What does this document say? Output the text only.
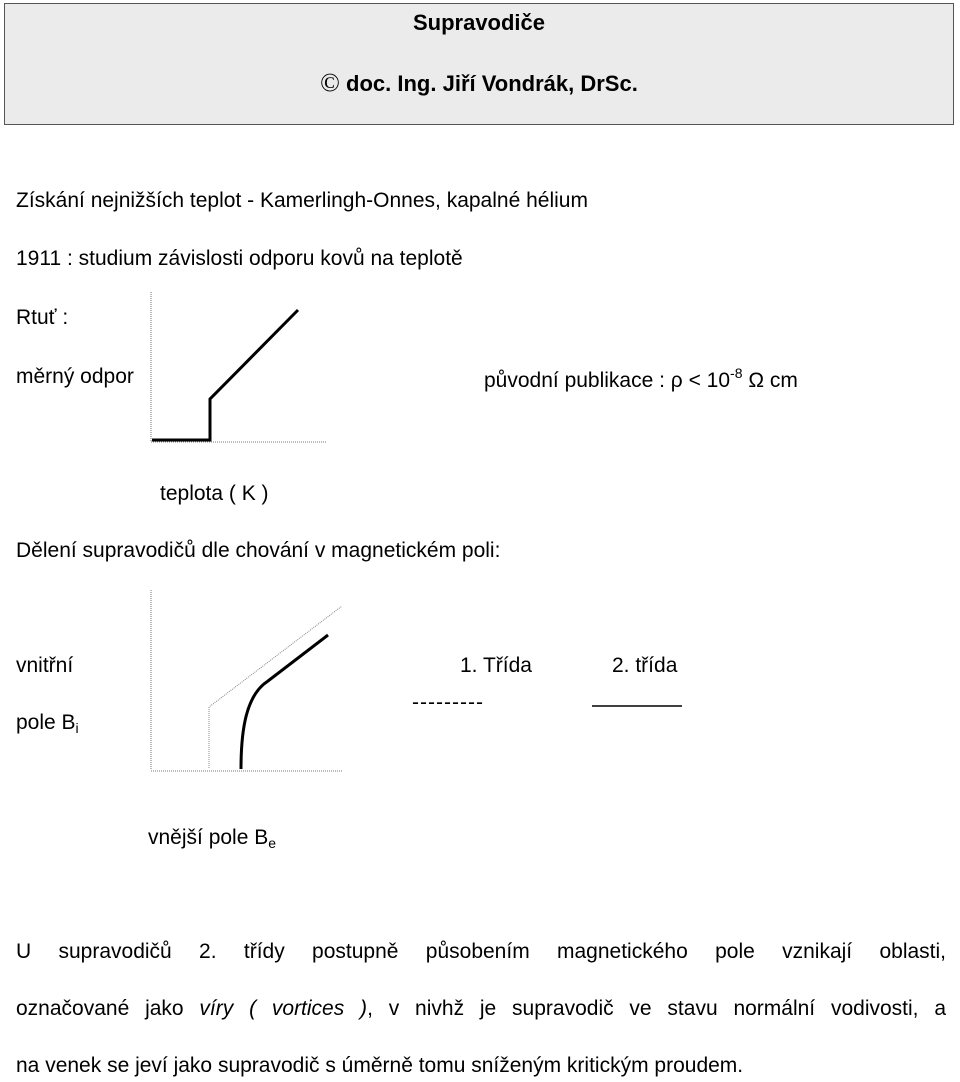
Supravodiče
© doc. Ing. Jiří Vondrák, DrSc.
Získání nejnižších teplot - Kamerlingh-Onnes, kapalné hélium
1911 : studium závislosti odporu kovů na teplotě
Rtuť :
měrný odpor	původní publikace : $\rho < 10^{-8}$ Ω cm
teplota ( K )
Dělení supravodičů dle chování v magnetickém poli:
vnitřní
pole $B_i$
1. Třída
---------
2. třída
vnější pole $B_e$
U supravodičů 2. třídy postupně působením magnetického pole vznikají oblasti,
označované jako víry ( vortices ), v nivhž je supravodič ve stavu normální vodivosti, a
na venek se jeví jako supravodič s úměrně tomu sníženým kritickým proudem.
